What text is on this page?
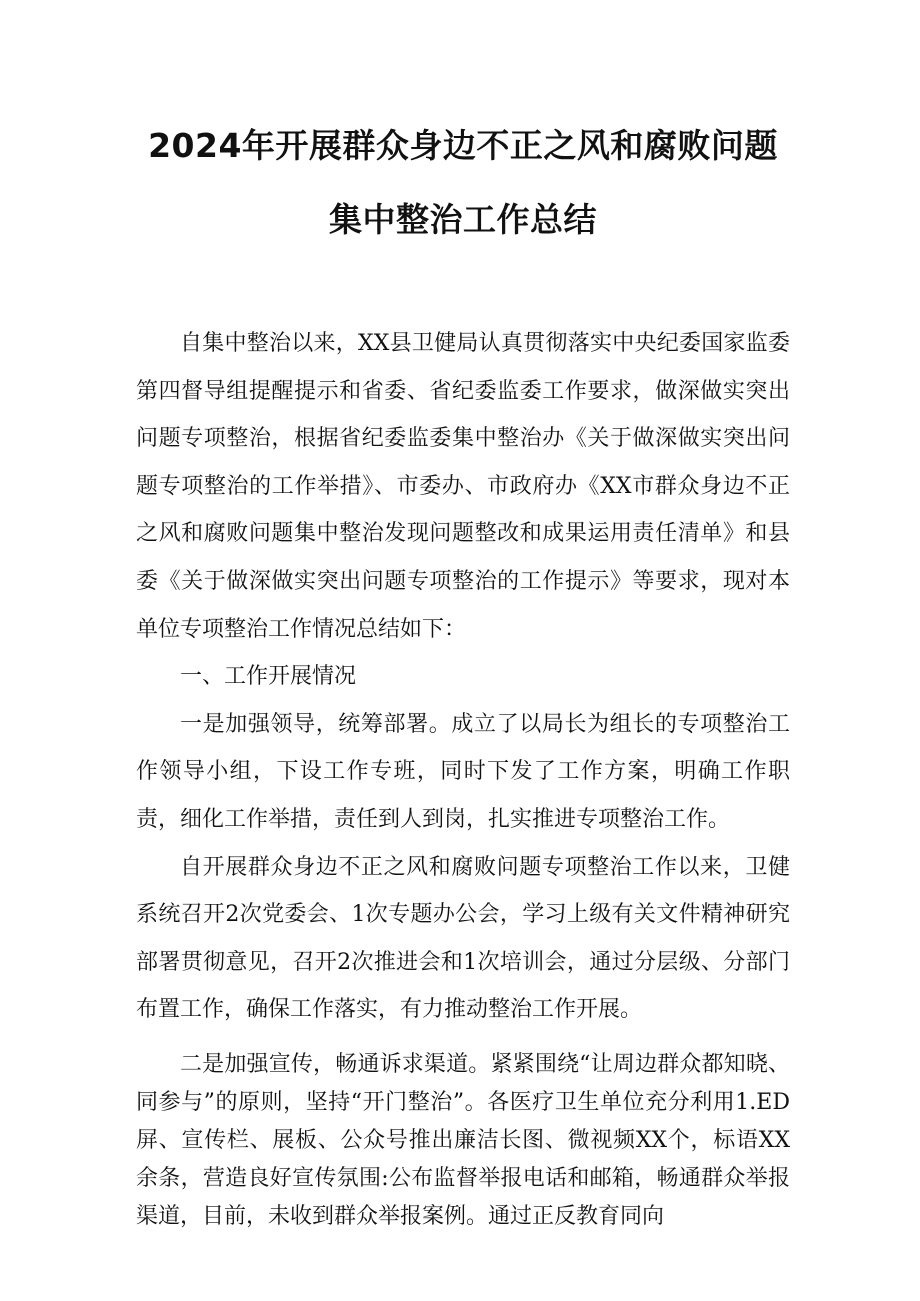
2024年开展群众身边不正之风和腐败问题
集中整治工作总结

自集中整治以来，XX县卫健局认真贯彻落实中央纪委国家监委第四督导组提醒提示和省委、省纪委监委工作要求，做深做实突出问题专项整治，根据省纪委监委集中整治办《关于做深做实突出问题专项整治的工作举措》、市委办、市政府办《XX市群众身边不正之风和腐败问题集中整治发现问题整改和成果运用责任清单》和县委《关于做深做实突出问题专项整治的工作提示》等要求，现对本单位专项整治工作情况总结如下：

一、工作开展情况

一是加强领导，统筹部署。成立了以局长为组长的专项整治工作领导小组，下设工作专班，同时下发了工作方案，明确工作职责，细化工作举措，责任到人到岗，扎实推进专项整治工作。

自开展群众身边不正之风和腐败问题专项整治工作以来，卫健系统召开2次党委会、1次专题办公会，学习上级有关文件精神研究部署贯彻意见，召开2次推进会和1次培训会，通过分层级、分部门布置工作，确保工作落实，有力推动整治工作开展。

二是加强宣传，畅通诉求渠道。紧紧围绕“让周边群众都知晓、同参与”的原则，坚持“开门整治”。各医疗卫生单位充分利用1.ED屏、宣传栏、展板、公众号推出廉洁长图、微视频XX个，标语XX余条，营造良好宣传氛围:公布监督举报电话和邮箱，畅通群众举报渠道，目前，未收到群众举报案例。通过正反教育同向
